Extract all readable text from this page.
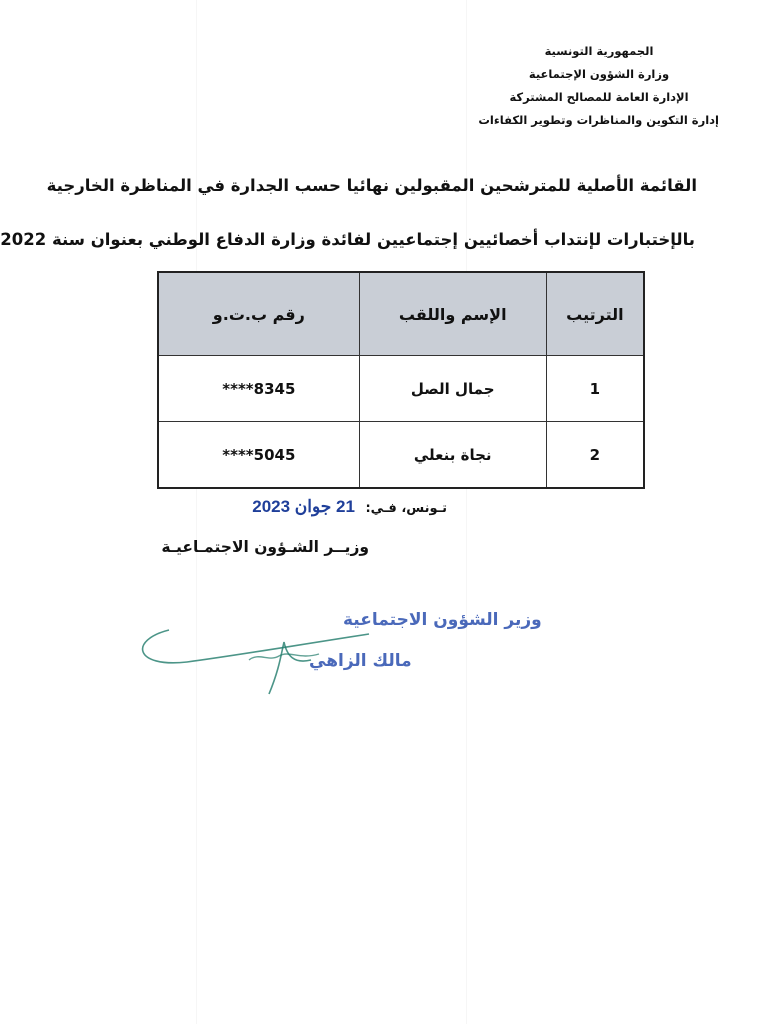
الجمهورية التونسية
وزارة الشؤون الإجتماعية
الإدارة العامة للمصالح المشتركة
إدارة التكوين والمناظرات وتطوير الكفاءات
القائمة الأصلية للمترشحين المقبولين نهائيا حسب الجدارة في المناظرة الخارجية
بالإختبارات لإنتداب أخصائيين إجتماعيين لفائدة وزارة الدفاع الوطني بعنوان سنة 2022
الترتيب	الإسم واللقب	رقم ب.ت.و
1	جمال الصل	****8345
2	نجاة بنعلي	****5045
تـونس، فـي: 21 جوان 2023
وزيــر الشـؤون الاجتمـاعيـة
وزير الشؤون الاجتماعية
مالك الزاهي
